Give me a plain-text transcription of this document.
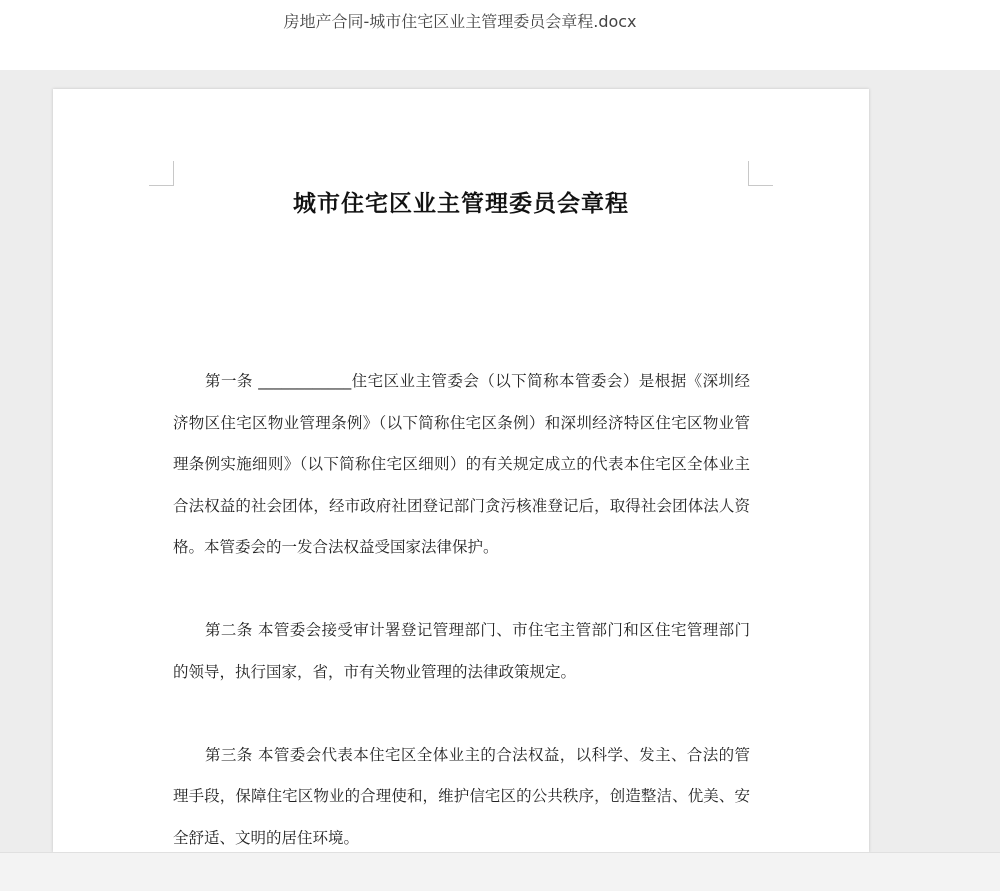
房地产合同-城市住宅区业主管理委员会章程.docx
城市住宅区业主管理委员会章程

第一条 ____________住宅区业主管委会（以下简称本管委会）是根据《深圳经济物区住宅区物业管理条例》（以下简称住宅区条例）和深圳经济特区住宅区物业管理条例实施细则》（以下简称住宅区细则）的有关规定成立的代表本住宅区全体业主合法权益的社会团体，经市政府社团登记部门贪污核准登记后，取得社会团体法人资格。本管委会的一发合法权益受国家法律保护。

第二条 本管委会接受审计署登记管理部门、市住宅主管部门和区住宅管理部门的领导，执行国家，省，市有关物业管理的法律政策规定。

第三条 本管委会代表本住宅区全体业主的合法权益，以科学、发主、合法的管理手段，保障住宅区物业的合理使和，维护信宅区的公共秩序，创造整洁、优美、安全舒适、文明的居住环境。
